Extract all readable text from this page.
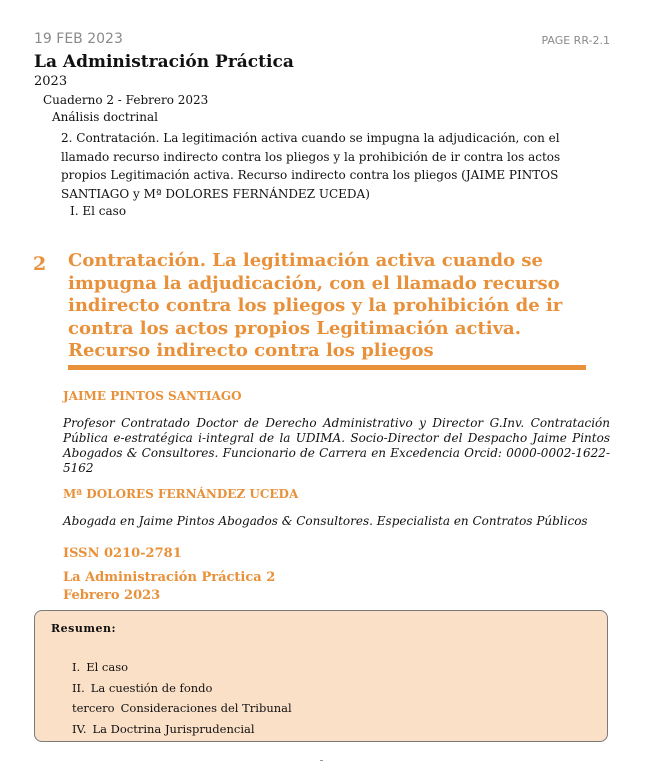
19 FEB 2023	PAGE RR-2.1
La Administración Práctica
2023
Cuaderno 2 - Febrero 2023
Análisis doctrinal
2. Contratación. La legitimación activa cuando se impugna la adjudicación, con el llamado recurso indirecto contra los pliegos y la prohibición de ir contra los actos propios Legitimación activa. Recurso indirecto contra los pliegos (JAIME PINTOS SANTIAGO y Mª DOLORES FERNÁNDEZ UCEDA)
I. El caso
2 Contratación. La legitimación activa cuando se impugna la adjudicación, con el llamado recurso indirecto contra los pliegos y la prohibición de ir contra los actos propios Legitimación activa. Recurso indirecto contra los pliegos
JAIME PINTOS SANTIAGO
Profesor Contratado Doctor de Derecho Administrativo y Director G.Inv. Contratación Pública e-estratégica i-integral de la UDIMA. Socio-Director del Despacho Jaime Pintos Abogados & Consultores. Funcionario de Carrera en Excedencia Orcid: 0000-0002-1622-5162
Mª DOLORES FERNÁNDEZ UCEDA
Abogada en Jaime Pintos Abogados & Consultores. Especialista en Contratos Públicos
ISSN 0210-2781
La Administración Práctica 2
Febrero 2023
Resumen:
I. El caso
II. La cuestión de fondo
tercero Consideraciones del Tribunal
IV. La Doctrina Jurisprudencial
